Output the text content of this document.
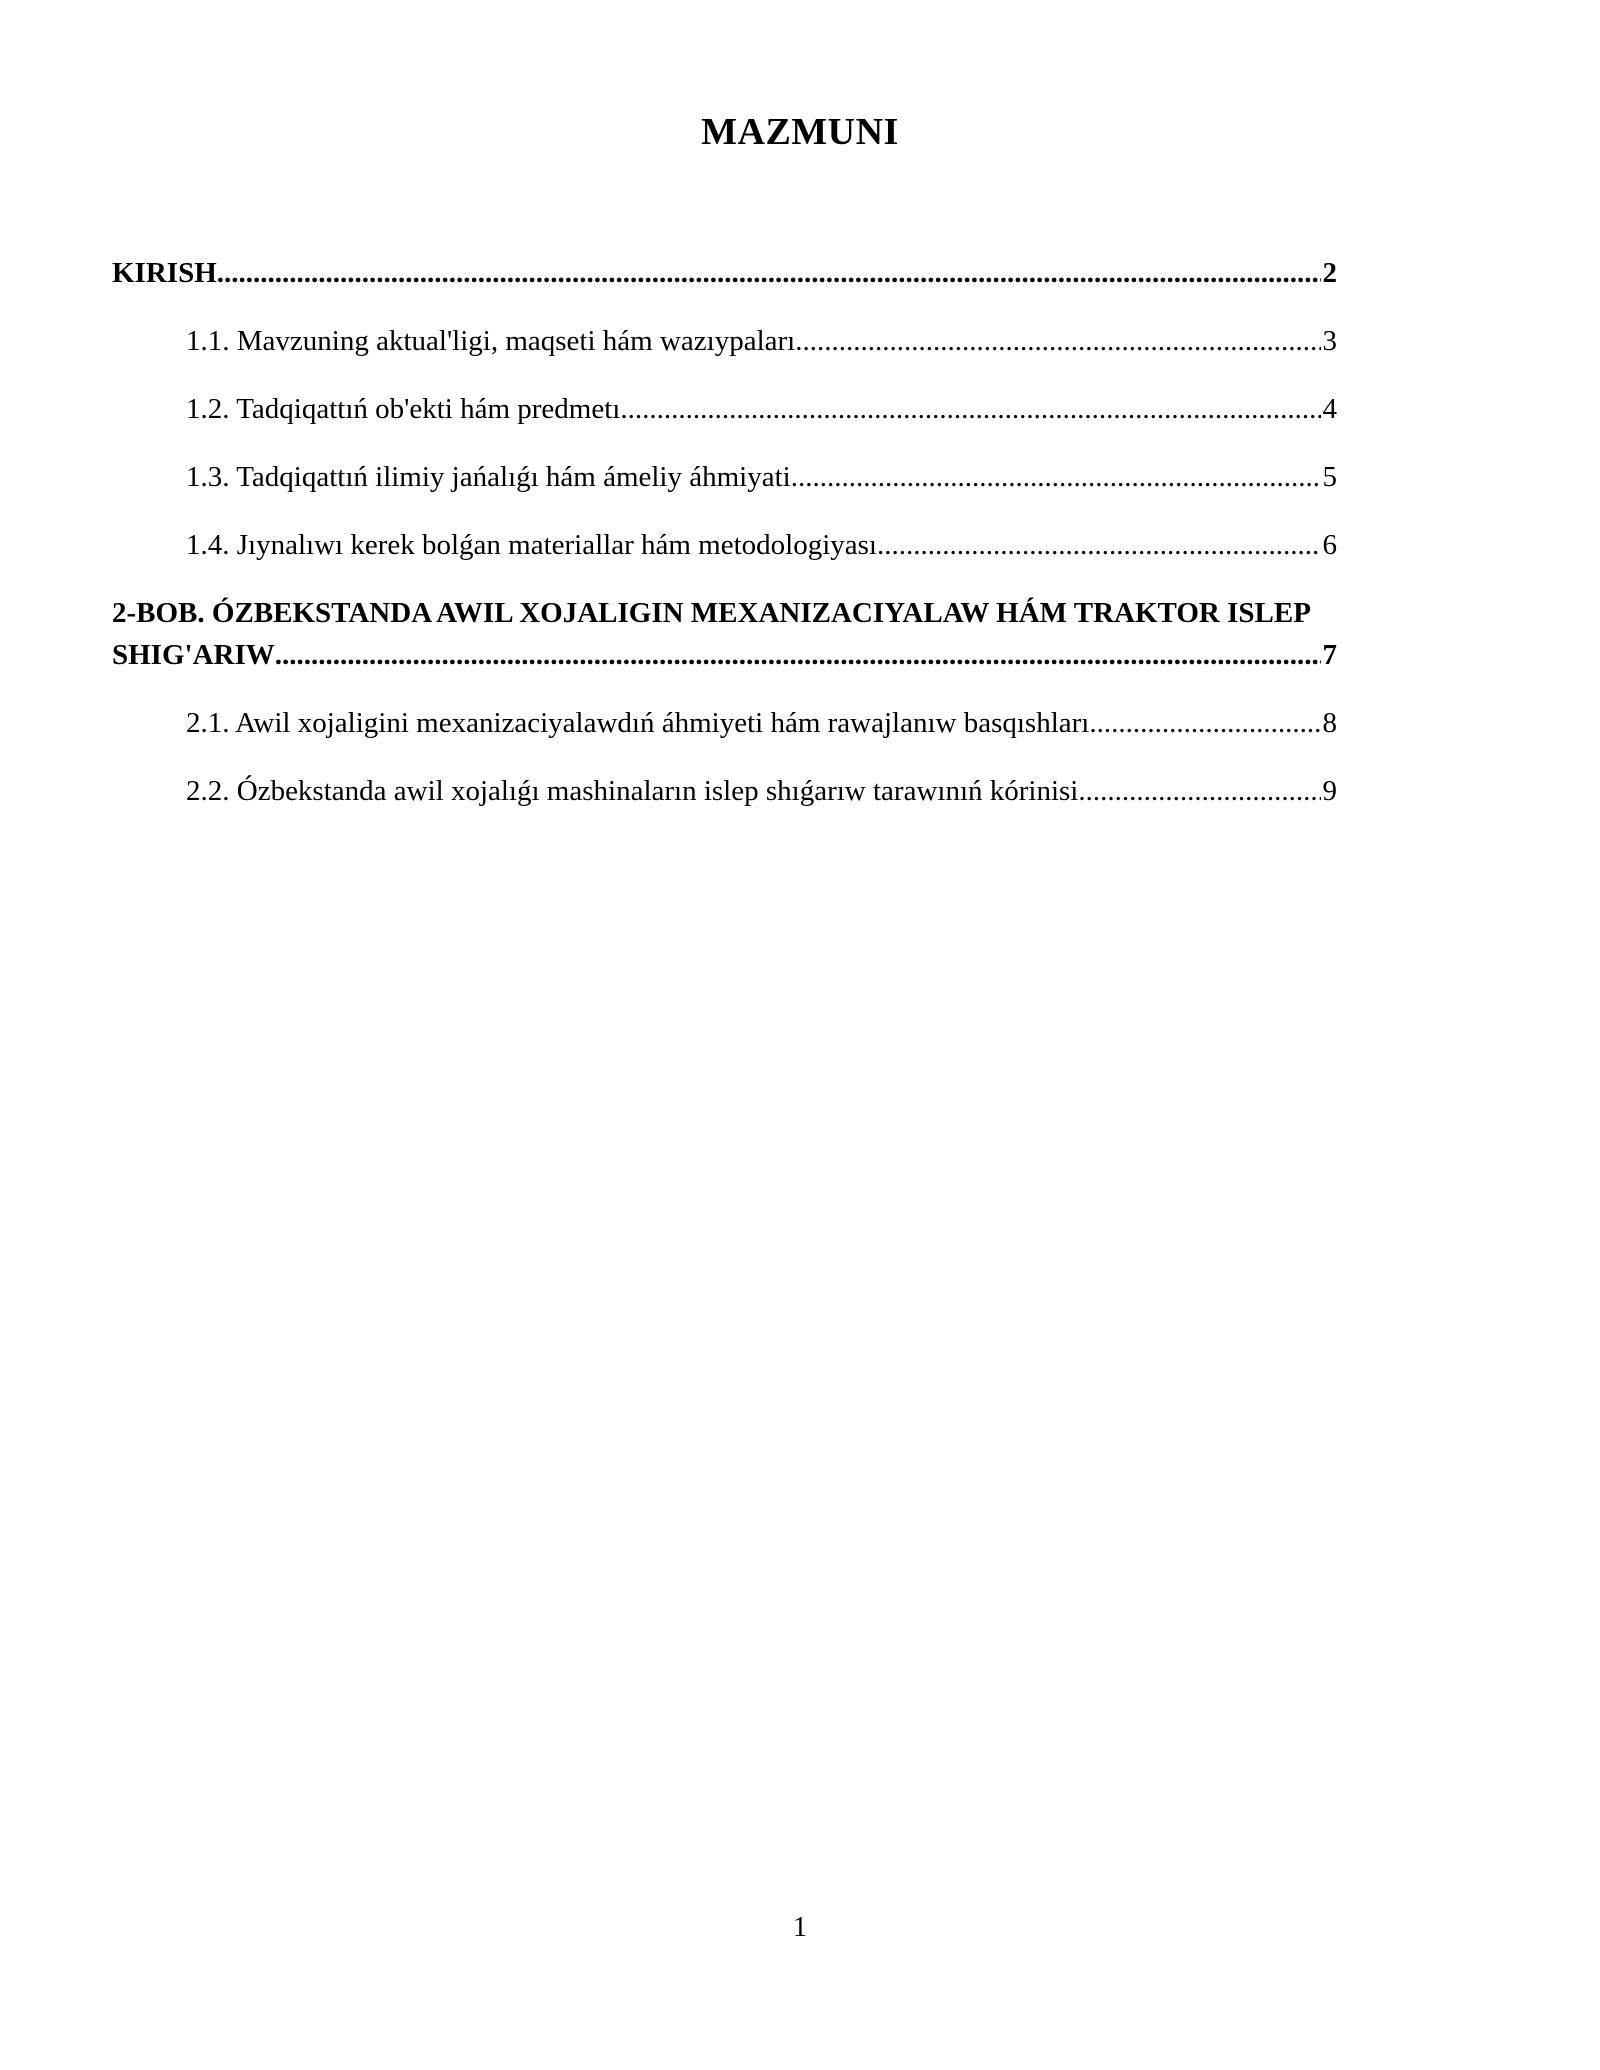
MAZMUNI
KIRISH .....	2
1.1. Mavzuning aktual'ligi, maqseti hám wazıypaları .....	3
1.2. Tadqiqattıń ob'ekti hám predmetı .....	4
1.3. Tadqiqattıń ilimiy jańalıǵı hám ámeliy áhmiyati .....	5
1.4. Jıynalıwı kerek bolǵan materiallar hám metodologiyası .....	6
2-BOB. ÓZBEKSTANDA AWIL XOJALIGIN MEXANIZACIYALAW HÁM TRAKTOR ISLEP
SHIG'ARIW .....	7
2.1. Awil xojaligini mexanizaciyalawdıń áhmiyeti hám rawajlanıw basqıshları .....	8
2.2. Ózbekstanda awil xojalıǵı mashinaların islep shıǵarıw tarawınıń kórinisi .....	9
1
